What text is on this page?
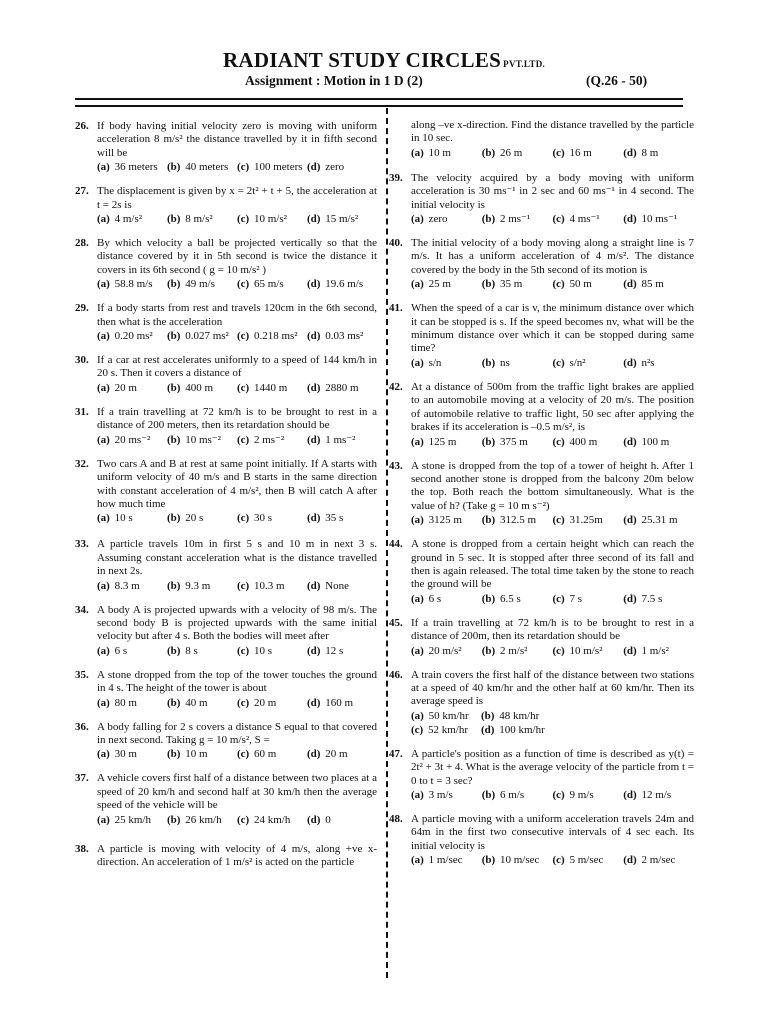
RADIANT STUDY CIRCLES PVT.LTD.
Assignment : Motion in 1 D (2)	(Q.26 - 50)
26. If body having initial velocity zero is moving with uniform acceleration 8 m/s² the distance travelled by it in fifth second will be
(a) 36 meters (b) 40 meters (c) 100 meters (d) zero
27. The displacement is given by x = 2t² + t + 5, the acceleration at t = 2s is
(a) 4 m/s²	(b) 8 m/s²	(c) 10 m/s²	(d) 15 m/s²
28. By which velocity a ball be projected vertically so that the distance covered by it in 5th second is twice the distance it covers in its 6th second ( g = 10 m/s² )
(a) 58.8 m/s	(b) 49 m/s	(c) 65 m/s	(d) 19.6 m/s
29. If a body starts from rest and travels 120cm in the 6th second, then what is the acceleration
(a) 0.20 ms²	(b) 0.027 ms² (c) 0.218 ms² (d) 0.03 ms²
30. If a car at rest accelerates uniformly to a speed of 144 km/h in 20 s. Then it covers a distance of
(a) 20 m	(b) 400 m	(c) 1440 m	(d) 2880 m
31. If a train travelling at 72 km/h is to be brought to rest in a distance of 200 meters, then its retardation should be
(a) 20 ms⁻²	(b) 10 ms⁻²	(c) 2 ms⁻²	(d) 1 ms⁻²
32. Two cars A and B at rest at same point initially. If A starts with uniform velocity of 40 m/s and B starts in the same direction with constant acceleration of 4 m/s², then B will catch A after how much time
(a) 10 s	(b) 20 s	(c) 30 s	(d) 35 s
33. A particle travels 10m in first 5 s and 10 m in next 3 s. Assuming constant acceleration what is the distance travelled in next 2s.
(a) 8.3 m	(b) 9.3 m	(c) 10.3 m	(d) None
34. A body A is projected upwards with a velocity of 98 m/s. The second body B is projected upwards with the same initial velocity but after 4 s. Both the bodies will meet after
(a) 6 s	(b) 8 s	(c) 10 s	(d) 12 s
35. A stone dropped from the top of the tower touches the ground in 4 s. The height of the tower is about
(a) 80 m	(b) 40 m	(c) 20 m	(d) 160 m
36. A body falling for 2 s covers a distance S equal to that covered in next second. Taking g = 10 m/s², S =
(a) 30 m	(b) 10 m	(c) 60 m	(d) 20 m
37. A vehicle covers first half of a distance between two places at a speed of 20 km/h and second half at 30 km/h then the average speed of the vehicle will be
(a) 25 km/h	(b) 26 km/h	(c) 24 km/h	(d) 0
38. A particle is moving with velocity of 4 m/s, along +ve x-direction. An acceleration of 1 m/s² is acted on the particle
along –ve x-direction. Find the distance travelled by the particle in 10 sec.
(a) 10 m	(b) 26 m	(c) 16 m	(d) 8 m
39. The velocity acquired by a body moving with uniform acceleration is 30 ms⁻¹ in 2 sec and 60 ms⁻¹ in 4 second. The initial velocity is
(a) zero	(b) 2 ms⁻¹	(c) 4 ms⁻¹	(d) 10 ms⁻¹
40. The initial velocity of a body moving along a straight line is 7 m/s. It has a uniform acceleration of 4 m/s². The distance covered by the body in the 5th second of its motion is
(a) 25 m	(b) 35 m	(c) 50 m	(d) 85 m
41. When the speed of a car is v, the minimum distance over which it can be stopped is s. If the speed becomes nv, what will be the minimum distance over which it can be stopped during same time?
(a) s/n	(b) ns	(c) s/n²	(d) n²s
42. At a distance of 500m from the traffic light brakes are applied to an automobile moving at a velocity of 20 m/s. The position of automobile relative to traffic light, 50 sec after applying the brakes if its acceleration is –0.5 m/s², is
(a) 125 m	(b) 375 m	(c) 400 m	(d) 100 m
43. A stone is dropped from the top of a tower of height h. After 1 second another stone is dropped from the balcony 20m below the top. Both reach the bottom simultaneously. What is the value of h? (Take g = 10 m s⁻²)
(a) 3125 m	(b) 312.5 m	(c) 31.25m	(d) 25.31 m
44. A stone is dropped from a certain height which can reach the ground in 5 sec. It is stopped after three second of its fall and then is again released. The total time taken by the stone to reach the ground will be
(a) 6 s	(b) 6.5 s	(c) 7 s	(d) 7.5 s
45. If a train travelling at 72 km/h is to be brought to rest in a distance of 200m, then its retardation should be
(a) 20 m/s²	(b) 2 m/s²	(c) 10 m/s²	(d) 1 m/s²
46. A train covers the first half of the distance between two stations at a speed of 40 km/hr and the other half at 60 km/hr. Then its average speed is
(a) 50 km/hr	(b) 48 km/hr
(c) 52 km/hr	(d) 100 km/hr
47. A particle's position as a function of time is described as y(t) = 2t² + 3t + 4. What is the average velocity of the particle from t = 0 to t = 3 sec?
(a) 3 m/s	(b) 6 m/s	(c) 9 m/s	(d) 12 m/s
48. A particle moving with a uniform acceleration travels 24m and 64m in the first two consecutive intervals of 4 sec each. Its initial velocity is
(a) 1 m/sec	(b) 10 m/sec	(c) 5 m/sec	(d) 2 m/sec
